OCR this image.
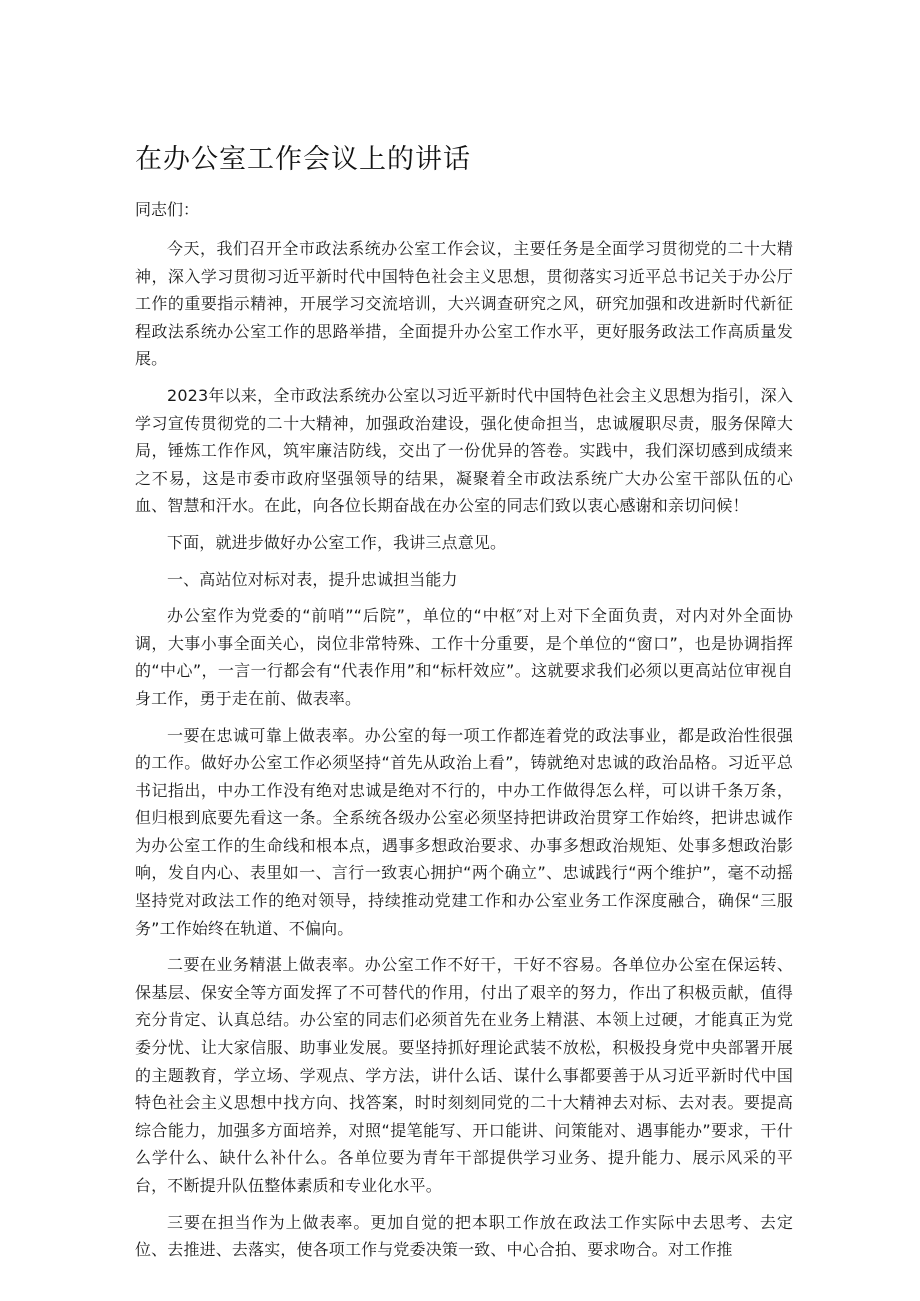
在办公室工作会议上的讲话

同志们：

今天，我们召开全市政法系统办公室工作会议，主要任务是全面学习贯彻党的二十大精神，深入学习贯彻习近平新时代中国特色社会主义思想，贯彻落实习近平总书记关于办公厅工作的重要指示精神，开展学习交流培训，大兴调查研究之风，研究加强和改进新时代新征程政法系统办公室工作的思路举措，全面提升办公室工作水平，更好服务政法工作高质量发展。

2023年以来，全市政法系统办公室以习近平新时代中国特色社会主义思想为指引，深入学习宣传贯彻党的二十大精神，加强政治建设，强化使命担当，忠诚履职尽责，服务保障大局，锤炼工作作风，筑牢廉洁防线，交出了一份优异的答卷。实践中，我们深切感到成绩来之不易，这是市委市政府坚强领导的结果，凝聚着全市政法系统广大办公室干部队伍的心血、智慧和汗水。在此，向各位长期奋战在办公室的同志们致以衷心感谢和亲切问候！

下面，就进步做好办公室工作，我讲三点意见。

一、高站位对标对表，提升忠诚担当能力

办公室作为党委的“前哨”“后院”，单位的“中枢″对上对下全面负责，对内对外全面协调，大事小事全面关心，岗位非常特殊、工作十分重要，是个单位的“窗口”，也是协调指挥的“中心”，一言一行都会有“代表作用”和“标杆效应”。这就要求我们必须以更高站位审视自身工作，勇于走在前、做表率。

一要在忠诚可靠上做表率。办公室的每一项工作都连着党的政法事业，都是政治性很强的工作。做好办公室工作必须坚持“首先从政治上看”，铸就绝对忠诚的政治品格。习近平总书记指出，中办工作没有绝对忠诚是绝对不行的，中办工作做得怎么样，可以讲千条万条，但归根到底要先看这一条。全系统各级办公室必须坚持把讲政治贯穿工作始终，把讲忠诚作为办公室工作的生命线和根本点，遇事多想政治要求、办事多想政治规矩、处事多想政治影响，发自内心、表里如一、言行一致衷心拥护“两个确立”、忠诚践行“两个维护”，毫不动摇坚持党对政法工作的绝对领导，持续推动党建工作和办公室业务工作深度融合，确保“三服务”工作始终在轨道、不偏向。

二要在业务精湛上做表率。办公室工作不好干，干好不容易。各单位办公室在保运转、保基层、保安全等方面发挥了不可替代的作用，付出了艰辛的努力，作出了积极贡献，值得充分肯定、认真总结。办公室的同志们必须首先在业务上精湛、本领上过硬，才能真正为党委分忧、让大家信服、助事业发展。要坚持抓好理论武装不放松，积极投身党中央部署开展的主题教育，学立场、学观点、学方法，讲什么话、谋什么事都要善于从习近平新时代中国特色社会主义思想中找方向、找答案，时时刻刻同党的二十大精神去对标、去对表。要提高综合能力，加强多方面培养，对照“提笔能写、开口能讲、问策能对、遇事能办”要求，干什么学什么、缺什么补什么。各单位要为青年干部提供学习业务、提升能力、展示风采的平台，不断提升队伍整体素质和专业化水平。

三要在担当作为上做表率。更加自觉的把本职工作放在政法工作实际中去思考、去定位、去推进、去落实，使各项工作与党委决策一致、中心合拍、要求吻合。对工作推
